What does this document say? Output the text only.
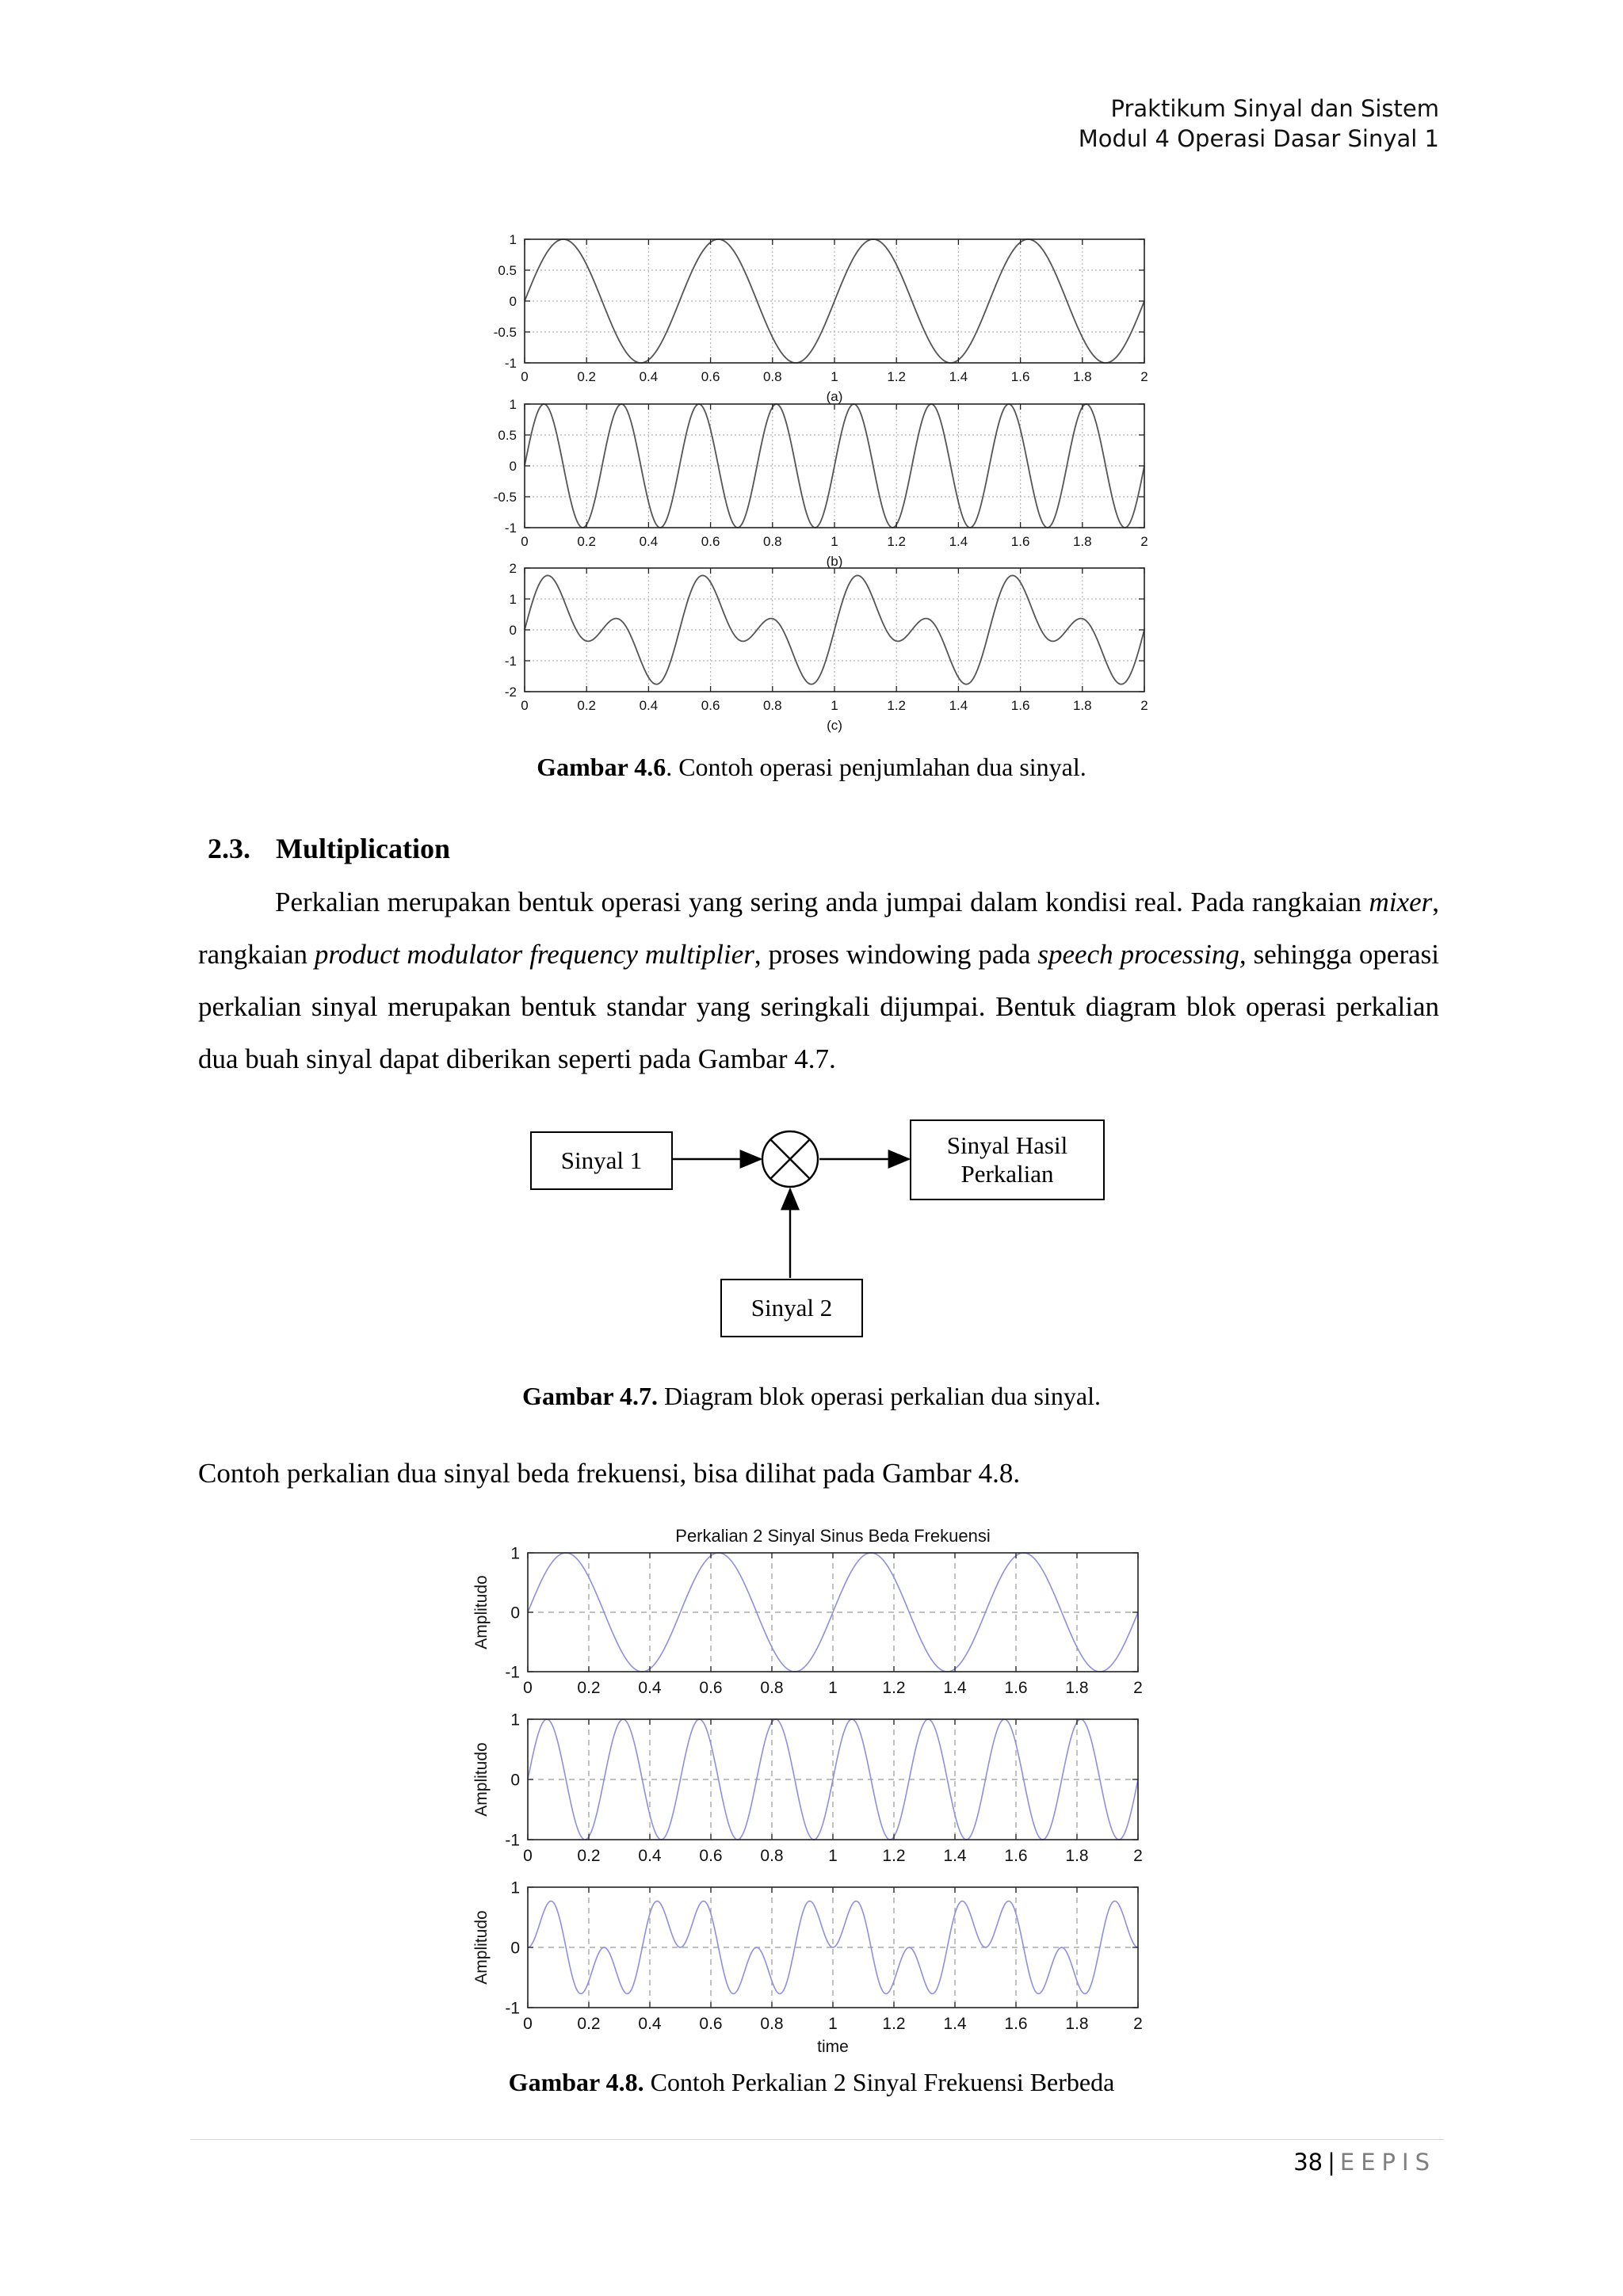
Praktikum Sinyal dan Sistem
Modul 4 Operasi Dasar Sinyal 1
0	0.2	0.4	0.6	0.8	1	1.2	1.4	1.6	1.8	2
1
0.5
0
-0.5
-1
(a)
0	0.2	0.4	0.6	0.8	1	1.2	1.4	1.6	1.8	2
1
0.5
0
-0.5
-1
(b)
0	0.2	0.4	0.6	0.8	1	1.2	1.4	1.6	1.8	2
2
1
0
-1
-2
(c)
Gambar 4.6. Contoh operasi penjumlahan dua sinyal.
2.3. Multiplication

Perkalian merupakan bentuk operasi yang sering anda jumpai dalam kondisi real. Pada rangkaian mixer, rangkaian product modulator frequency multiplier, proses windowing pada speech processing, sehingga operasi perkalian sinyal merupakan bentuk standar yang seringkali dijumpai. Bentuk diagram blok operasi perkalian dua buah sinyal dapat diberikan seperti pada Gambar 4.7.

Sinyal 1
Sinyal Hasil
Perkalian
Sinyal 2
Gambar 4.7. Diagram blok operasi perkalian dua sinyal.
Contoh perkalian dua sinyal beda frekuensi, bisa dilihat pada Gambar 4.8.
0	0.2 0.4 0.6 0.8	1	1.2 1.4 1.6 1.8	2
1
0
-1
Amplitudo
Perkalian 2 Sinyal Sinus Beda Frekuensi
0	0.2 0.4 0.6 0.8	1	1.2 1.4 1.6 1.8	2
1
0
-1
Amplitudo
0	0.2 0.4 0.6 0.8	1	1.2 1.4 1.6 1.8	2
1
0
-1
time
Amplitudo
Gambar 4.8. Contoh Perkalian 2 Sinyal Frekuensi Berbeda
38 | EEPIS
